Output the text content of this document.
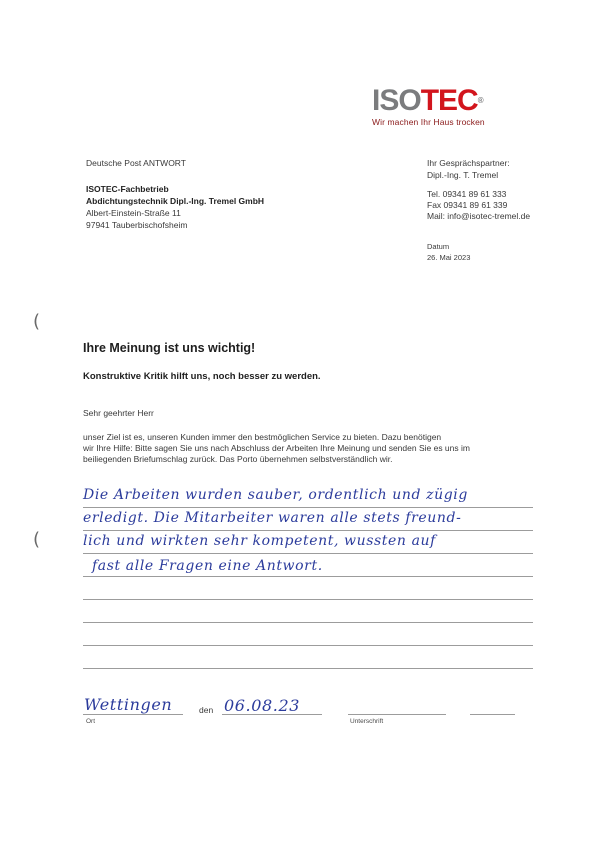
ISOTEC®
Wir machen Ihr Haus trocken
Deutsche Post ANTWORT
ISOTEC-Fachbetrieb
Abdichtungstechnik Dipl.-Ing. Tremel GmbH
Albert-Einstein-Straße 11
97941 Tauberbischofsheim
Ihr Gesprächspartner:
Dipl.-Ing. T. Tremel
Tel. 09341 89 61 333
Fax 09341 89 61 339
Mail: info@isotec-tremel.de
Datum
26. Mai 2023
(
(
Ihre Meinung ist uns wichtig!
Konstruktive Kritik hilft uns, noch besser zu werden.
Sehr geehrter Herr
unser Ziel ist es, unseren Kunden immer den bestmöglichen Service zu bieten. Dazu benötigen
wir Ihre Hilfe: Bitte sagen Sie uns nach Abschluss der Arbeiten Ihre Meinung und senden Sie es uns im
beiliegenden Briefumschlag zurück. Das Porto übernehmen selbstverständlich wir.
Die Arbeiten wurden sauber, ordentlich und zügig
erledigt. Die Mitarbeiter waren alle stets freund-
lich und wirkten sehr kompetent, wussten auf
fast alle Fragen eine Antwort.
Wettingen
Ort
den 06.08.23
Unterschrift
